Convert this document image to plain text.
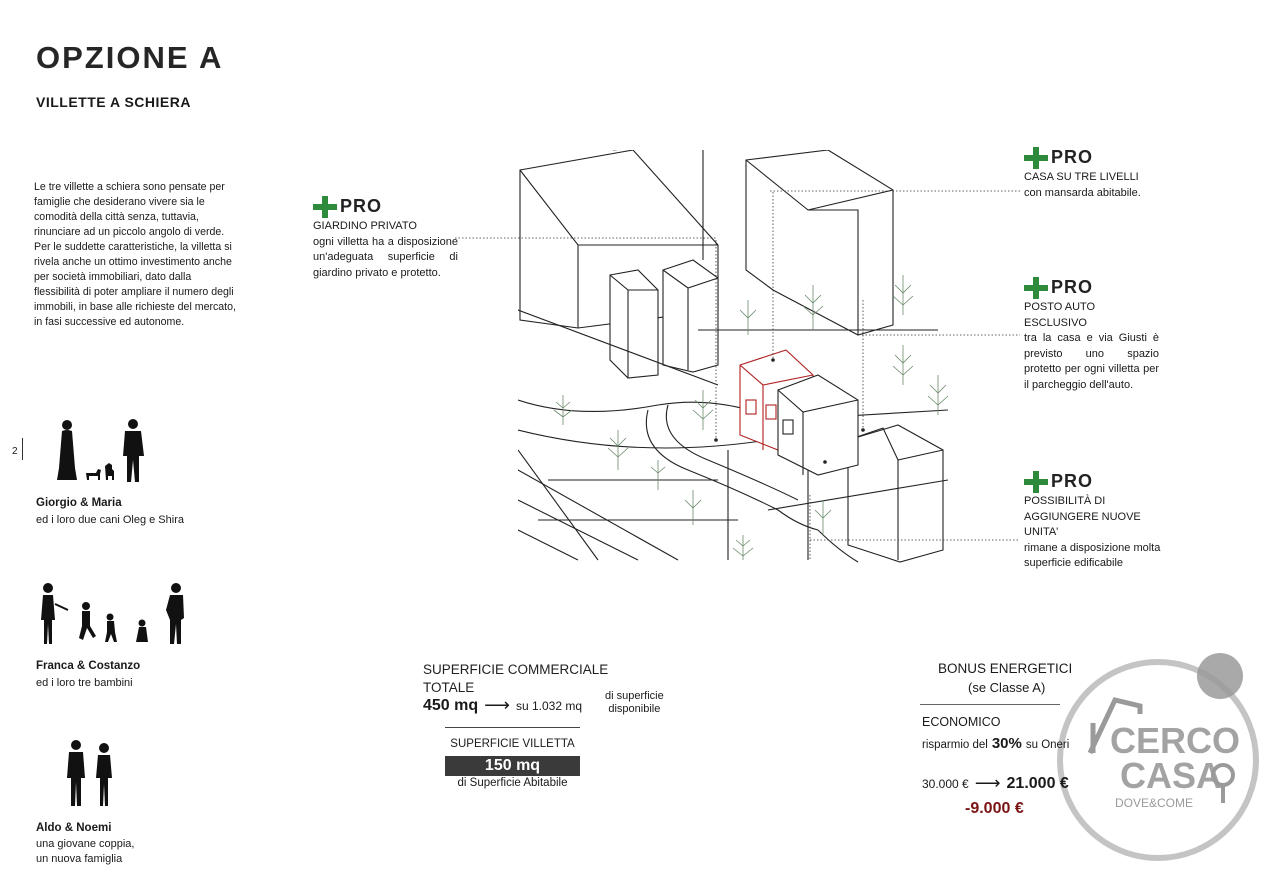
OPZIONE A
VILLETTE A SCHIERA

Le tre villette a schiera sono pensate per famiglie che desiderano vivere sia le comodità della città senza, tuttavia, rinunciare ad un piccolo angolo di verde.

Per le suddette caratteristiche, la villetta si rivela anche un ottimo investimento anche per società immobiliari, dato dalla flessibilità di poter ampliare il numero degli immobili, in base alle richieste del mercato, in fasi successive ed autonome.

2
Giorgio & Maria
ed i loro due cani Oleg e Shira
Franca & Costanzo
ed i loro tre bambini
Aldo & Noemi
una giovane coppia,
un nuova famiglia
PRO
GIARDINO PRIVATO
ogni villetta ha a disposizione un'adeguata superficie di giardino privato e protetto.
PRO
CASA SU TRE LIVELLI
con mansarda abitabile.
PRO
POSTO AUTO ESCLUSIVO
tra la casa e via Giusti è previsto uno spazio protetto per ogni villetta per il parcheggio dell'auto.
PRO
POSSIBILITÀ DI AGGIUNGERE NUOVE UNITA'
rimane a disposizione molta superficie edificabile
SUPERFICIE COMMERCIALE
TOTALE
450 mq ⟶ su 1.032 mq
di superficie
disponibile
SUPERFICIE VILLETTA
150 mq
di Superficie Abitabile
CERCO
CASA
DOVE&COME
BONUS ENERGETICI
(se Classe A)
ECONOMICO
risparmio del 30% su Oneri
30.000 € ⟶ 21.000 €
-9.000 €
